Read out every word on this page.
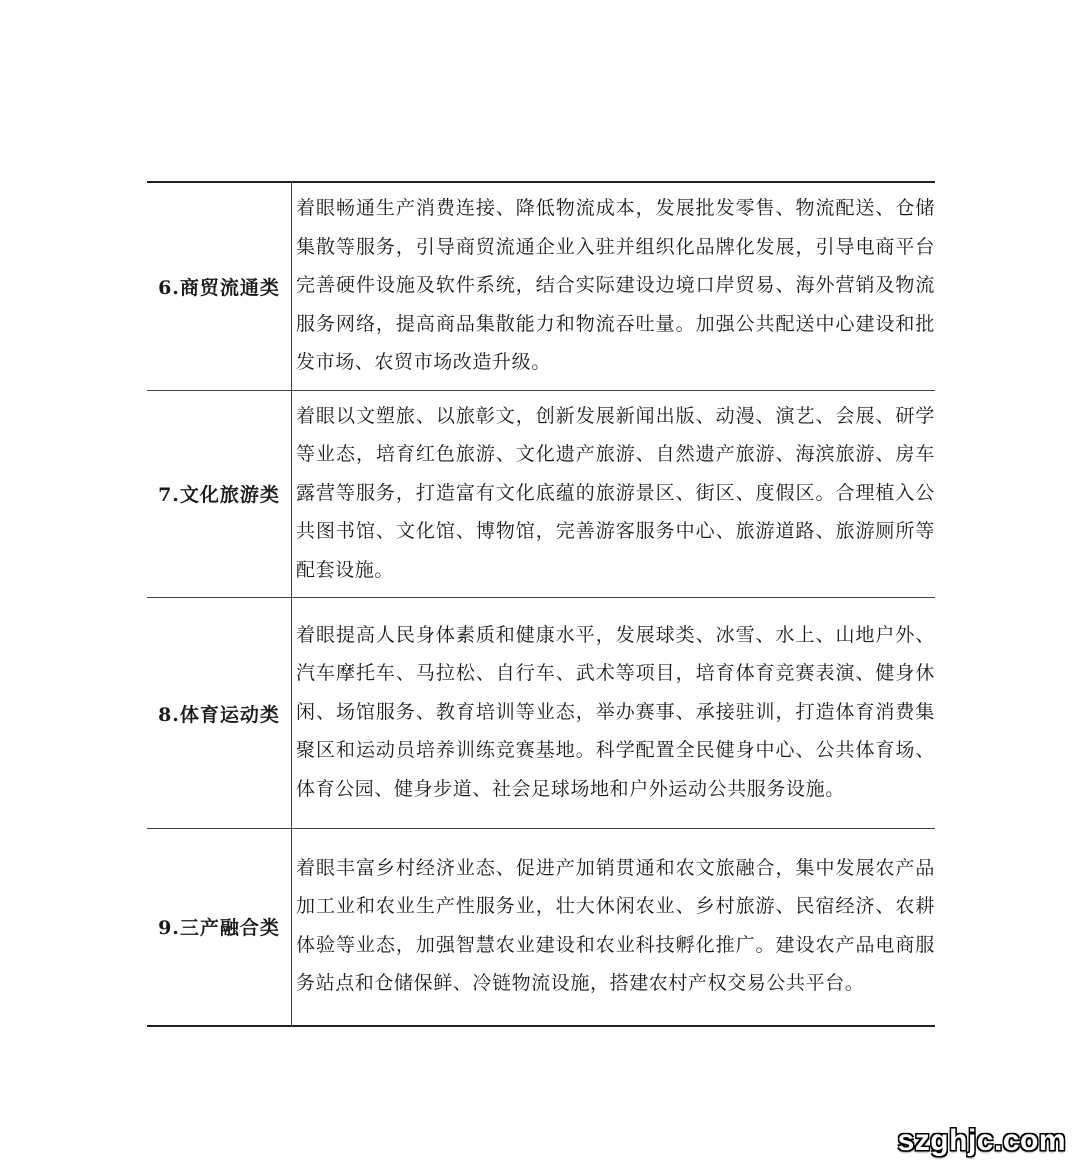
6.商贸流通类	着眼畅通生产消费连接、降低物流成本，发展批发零售、物流配送、仓储集散等服务，引导商贸流通企业入驻并组织化品牌化发展，引导电商平台完善硬件设施及软件系统，结合实际建设边境口岸贸易、海外营销及物流服务网络，提高商品集散能力和物流吞吐量。加强公共配送中心建设和批发市场、农贸市场改造升级。
7.文化旅游类	着眼以文塑旅、以旅彰文，创新发展新闻出版、动漫、演艺、会展、研学等业态，培育红色旅游、文化遗产旅游、自然遗产旅游、海滨旅游、房车露营等服务，打造富有文化底蕴的旅游景区、街区、度假区。合理植入公共图书馆、文化馆、博物馆，完善游客服务中心、旅游道路、旅游厕所等配套设施。
8.体育运动类	着眼提高人民身体素质和健康水平，发展球类、冰雪、水上、山地户外、汽车摩托车、马拉松、自行车、武术等项目，培育体育竞赛表演、健身休闲、场馆服务、教育培训等业态，举办赛事、承接驻训，打造体育消费集聚区和运动员培养训练竞赛基地。科学配置全民健身中心、公共体育场、体育公园、健身步道、社会足球场地和户外运动公共服务设施。
9.三产融合类	着眼丰富乡村经济业态、促进产加销贯通和农文旅融合，集中发展农产品加工业和农业生产性服务业，壮大休闲农业、乡村旅游、民宿经济、农耕体验等业态，加强智慧农业建设和农业科技孵化推广。建设农产品电商服务站点和仓储保鲜、冷链物流设施，搭建农村产权交易公共平台。
szghjc.com
